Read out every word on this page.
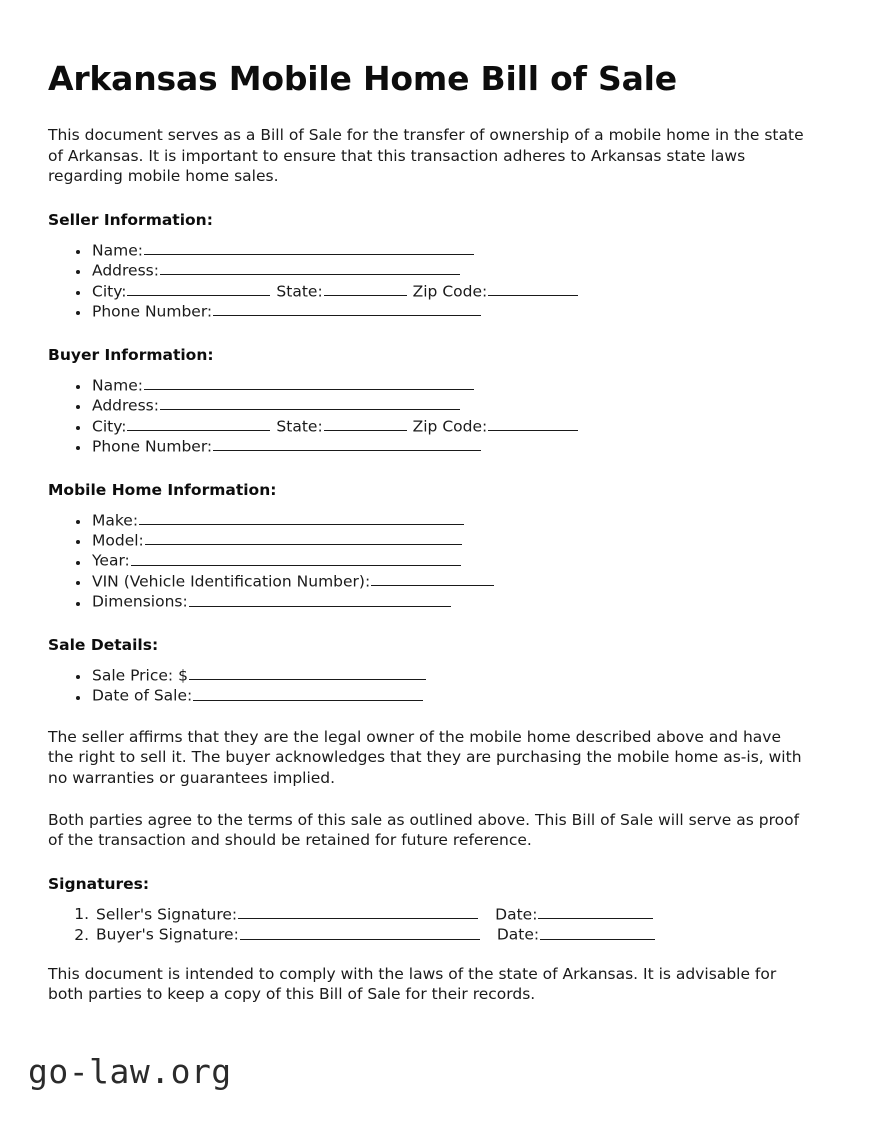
Arkansas Mobile Home Bill of Sale

This document serves as a Bill of Sale for the transfer of ownership of a mobile home in the state of Arkansas. It is important to ensure that this transaction adheres to Arkansas state laws regarding mobile home sales.

Seller Information:
• Name:
• Address:
• City:	State:	Zip Code:
• Phone Number:
Buyer Information:
• Name:
• Address:
• City:	State:	Zip Code:
• Phone Number:
Mobile Home Information:
• Make:
• Model:
• Year:
• VIN (Vehicle Identification Number):
• Dimensions:
Sale Details:
• Sale Price: $
• Date of Sale:

The seller affirms that they are the legal owner of the mobile home described above and have the right to sell it. The buyer acknowledges that they are purchasing the mobile home as-is, with no warranties or guarantees implied.

Both parties agree to the terms of this sale as outlined above. This Bill of Sale will serve as proof of the transaction and should be retained for future reference.

Signatures:
1. Seller's Signature:	Date:
2. Buyer's Signature:	Date:

This document is intended to comply with the laws of the state of Arkansas. It is advisable for both parties to keep a copy of this Bill of Sale for their records.

go-law.org
